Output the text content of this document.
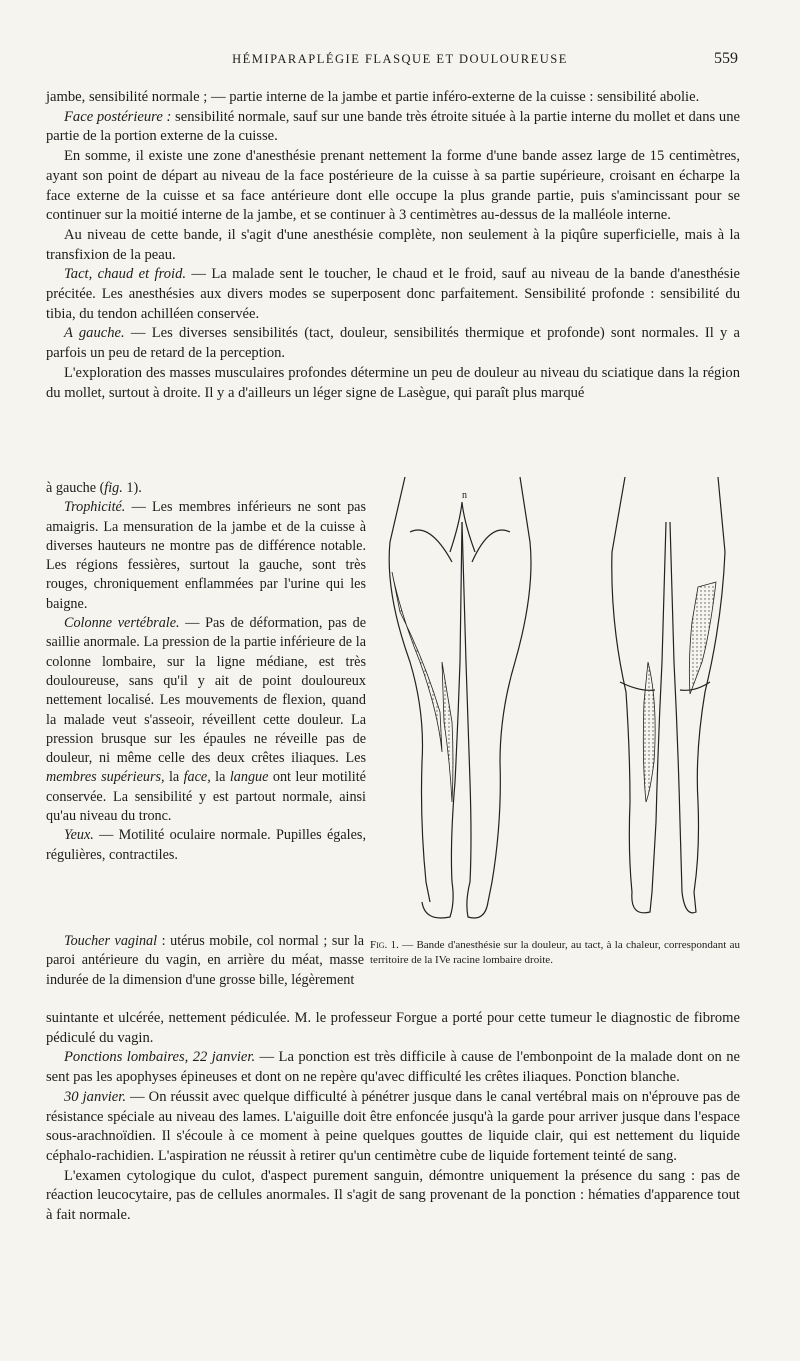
HÉMIPARAPLÉGIE FLASQUE ET DOULOUREUSE	559

jambe, sensibilité normale ; — partie interne de la jambe et partie inféro-externe de la cuisse : sensibilité abolie.

Face postérieure : sensibilité normale, sauf sur une bande très étroite située à la partie interne du mollet et dans une partie de la portion externe de la cuisse.

En somme, il existe une zone d'anesthésie prenant nettement la forme d'une bande assez large de 15 centimètres, ayant son point de départ au niveau de la face postérieure de la cuisse à sa partie supérieure, croisant en écharpe la face externe de la cuisse et sa face antérieure dont elle occupe la plus grande partie, puis s'amincissant pour se continuer sur la moitié interne de la jambe, et se continuer à 3 centimètres au-dessus de la malléole interne.

Au niveau de cette bande, il s'agit d'une anesthésie complète, non seulement à la piqûre superficielle, mais à la transfixion de la peau.

Tact, chaud et froid. — La malade sent le toucher, le chaud et le froid, sauf au niveau de la bande d'anesthésie précitée. Les anesthésies aux divers modes se superposent donc parfaitement. Sensibilité profonde : sensibilité du tibia, du tendon achilléen conservée.

A gauche. — Les diverses sensibilités (tact, douleur, sensibilités thermique et profonde) sont normales. Il y a parfois un peu de retard de la perception.

L'exploration des masses musculaires profondes détermine un peu de douleur au niveau du sciatique dans la région du mollet, surtout à droite. Il y a d'ailleurs un léger signe de Lasègue, qui paraît plus marqué

à gauche (fig. 1).

Trophicité. — Les membres inférieurs ne sont pas amaigris. La mensuration de la jambe et de la cuisse à diverses hauteurs ne montre pas de différence notable. Les régions fessières, surtout la gauche, sont très rouges, chroniquement enflammées par l'urine qui les baigne.

Colonne vertébrale. — Pas de déformation, pas de saillie anormale. La pression de la partie inférieure de la colonne lombaire, sur la ligne médiane, est très douloureuse, sans qu'il y ait de point douloureux nettement localisé. Les mouvements de flexion, quand la malade veut s'asseoir, réveillent cette douleur. La pression brusque sur les épaules ne réveille pas de douleur, ni même celle des deux crêtes iliaques. Les membres supérieurs, la face, la langue ont leur motilité conservée. La sensibilité y est partout normale, ainsi qu'au niveau du tronc.

Yeux. — Motilité oculaire normale. Pupilles égales, régulières, contractiles.

Toucher vaginal : utérus mobile, col normal ; sur la paroi antérieure du vagin, en arrière du méat, masse indurée de la dimension d'une grosse bille, légèrement

n
Fig. 1. — Bande d'anesthésie sur la douleur, au tact, à la chaleur, correspondant au territoire de la IVe racine lombaire droite.

suintante et ulcérée, nettement pédiculée. M. le professeur Forgue a porté pour cette tumeur le diagnostic de fibrome pédiculé du vagin.

Ponctions lombaires, 22 janvier. — La ponction est très difficile à cause de l'embonpoint de la malade dont on ne sent pas les apophyses épineuses et dont on ne repère qu'avec difficulté les crêtes iliaques. Ponction blanche.

30 janvier. — On réussit avec quelque difficulté à pénétrer jusque dans le canal vertébral mais on n'éprouve pas de résistance spéciale au niveau des lames. L'aiguille doit être enfoncée jusqu'à la garde pour arriver jusque dans l'espace sous-arachnoïdien. Il s'écoule à ce moment à peine quelques gouttes de liquide clair, qui est nettement du liquide céphalo-rachidien. L'aspiration ne réussit à retirer qu'un centimètre cube de liquide fortement teinté de sang.

L'examen cytologique du culot, d'aspect purement sanguin, démontre uniquement la présence du sang : pas de réaction leucocytaire, pas de cellules anormales. Il s'agit de sang provenant de la ponction : hématies d'apparence tout à fait normale.
